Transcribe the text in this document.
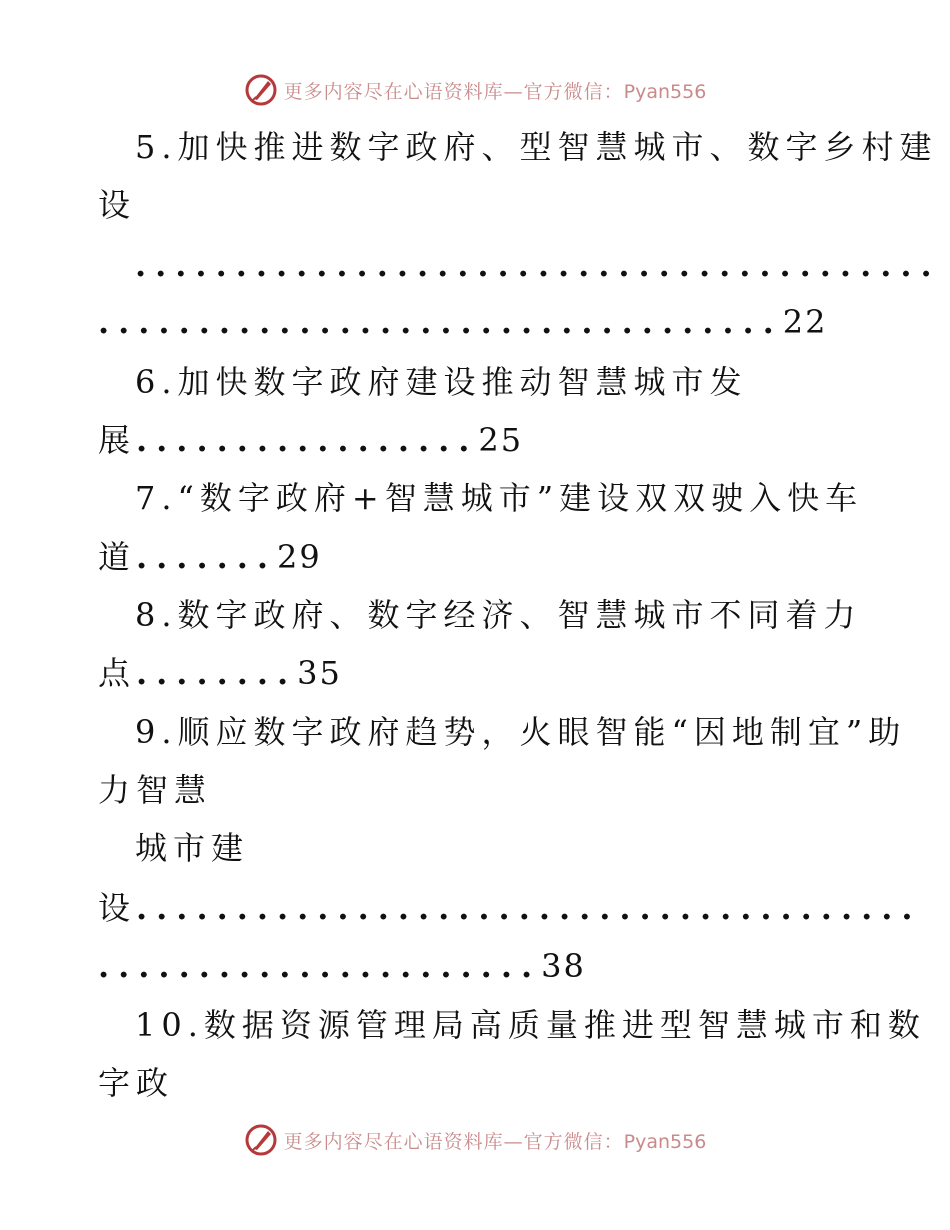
更多内容尽在心语资料库—官方微信：Pyan556
5.加快推进数字政府、型智慧城市、数字乡村建
设
........................................
..................................22
6.加快数字政府建设推动智慧城市发
展.................25
7.“数字政府+智慧城市”建设双双驶入快车
道.......29
8.数字政府、数字经济、智慧城市不同着力
点........35
9.顺应数字政府趋势，火眼智能“因地制宜”助
力智慧
城市建
设.......................................
......................38
10.数据资源管理局高质量推进型智慧城市和数
字政
更多内容尽在心语资料库—官方微信：Pyan556
